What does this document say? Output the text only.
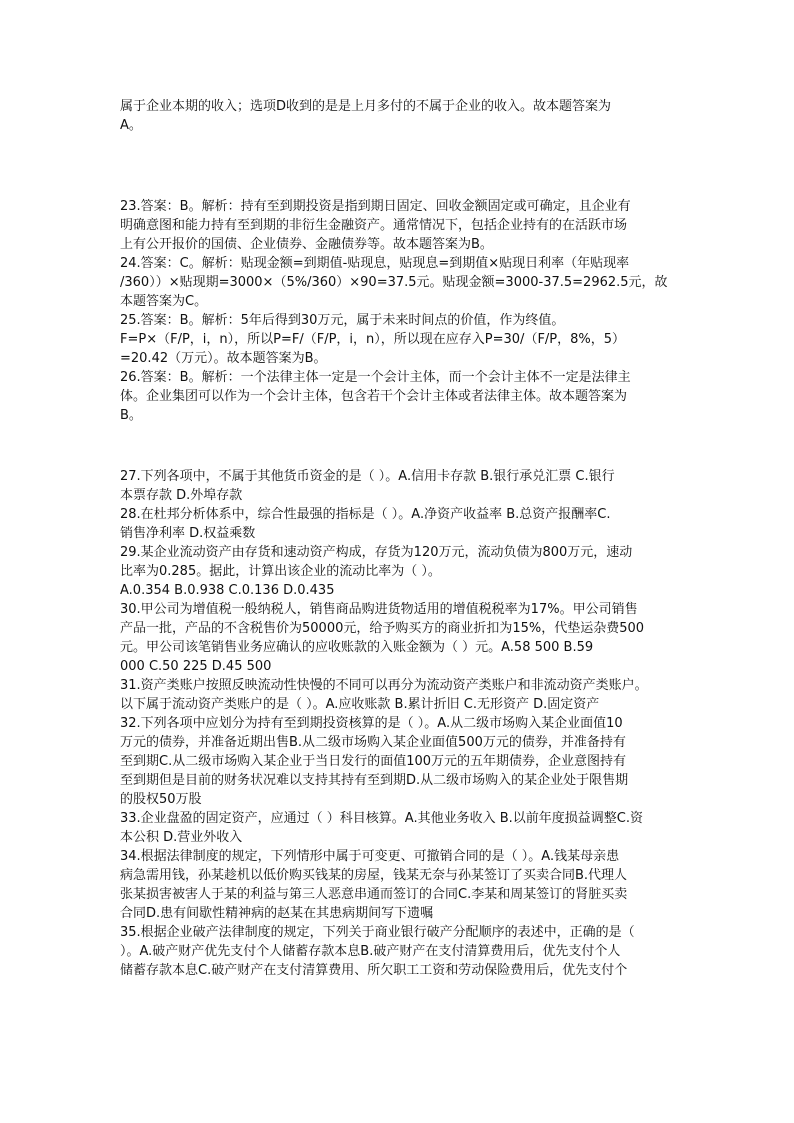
属于企业本期的收入；选项D收到的是是上月多付的不属于企业的收入。故本题答案为
A。
23.答案：B。解析：持有至到期投资是指到期日固定、回收金额固定或可确定，且企业有
明确意图和能力持有至到期的非衍生金融资产。通常情况下，包括企业持有的在活跃市场
上有公开报价的国债、企业债券、金融债券等。故本题答案为B。
24.答案：C。解析：贴现金额=到期值-贴现息，贴现息=到期值×贴现日利率（年贴现率
/360））×贴现期=3000×（5%/360）×90=37.5元。贴现金额=3000-37.5=2962.5元，故
本题答案为C。
25.答案：B。解析：5年后得到30万元，属于未来时间点的价值，作为终值。
F=P×（F/P，i，n），所以P=F/（F/P，i，n），所以现在应存入P=30/（F/P，8%，5）
=20.42（万元）。故本题答案为B。
26.答案：B。解析：一个法律主体一定是一个会计主体，而一个会计主体不一定是法律主
体。企业集团可以作为一个会计主体，包含若干个会计主体或者法律主体。故本题答案为
B。
27.下列各项中，不属于其他货币资金的是（ ）。A.信用卡存款 B.银行承兑汇票 C.银行
本票存款 D.外埠存款
28.在杜邦分析体系中，综合性最强的指标是（ ）。A.净资产收益率 B.总资产报酬率C.
销售净利率 D.权益乘数
29.某企业流动资产由存货和速动资产构成，存货为120万元，流动负债为800万元，速动
比率为0.285。据此，计算出该企业的流动比率为（ ）。
A.0.354 B.0.938 C.0.136 D.0.435
30.甲公司为增值税一般纳税人，销售商品购进货物适用的增值税税率为17%。甲公司销售
产品一批，产品的不含税售价为50000元，给予购买方的商业折扣为15%，代垫运杂费500
元。甲公司该笔销售业务应确认的应收账款的入账金额为（ ）元。A.58 500 B.59
000 C.50 225 D.45 500
31.资产类账户按照反映流动性快慢的不同可以再分为流动资产类账户和非流动资产类账户。
以下属于流动资产类账户的是（ ）。A.应收账款 B.累计折旧 C.无形资产 D.固定资产
32.下列各项中应划分为持有至到期投资核算的是（ ）。A.从二级市场购入某企业面值10
万元的债券，并准备近期出售B.从二级市场购入某企业面值500万元的债券，并准备持有
至到期C.从二级市场购入某企业于当日发行的面值100万元的五年期债券，企业意图持有
至到期但是目前的财务状况难以支持其持有至到期D.从二级市场购入的某企业处于限售期
的股权50万股
33.企业盘盈的固定资产，应通过（ ）科目核算。A.其他业务收入 B.以前年度损益调整C.资
本公积 D.营业外收入
34.根据法律制度的规定，下列情形中属于可变更、可撤销合同的是（ ）。A.钱某母亲患
病急需用钱，孙某趁机以低价购买钱某的房屋，钱某无奈与孙某签订了买卖合同B.代理人
张某损害被害人于某的利益与第三人恶意串通而签订的合同C.李某和周某签订的肾脏买卖
合同D.患有间歇性精神病的赵某在其患病期间写下遗嘱
35.根据企业破产法律制度的规定，下列关于商业银行破产分配顺序的表述中，正确的是（
）。A.破产财产优先支付个人储蓄存款本息B.破产财产在支付清算费用后，优先支付个人
储蓄存款本息C.破产财产在支付清算费用、所欠职工工资和劳动保险费用后，优先支付个
